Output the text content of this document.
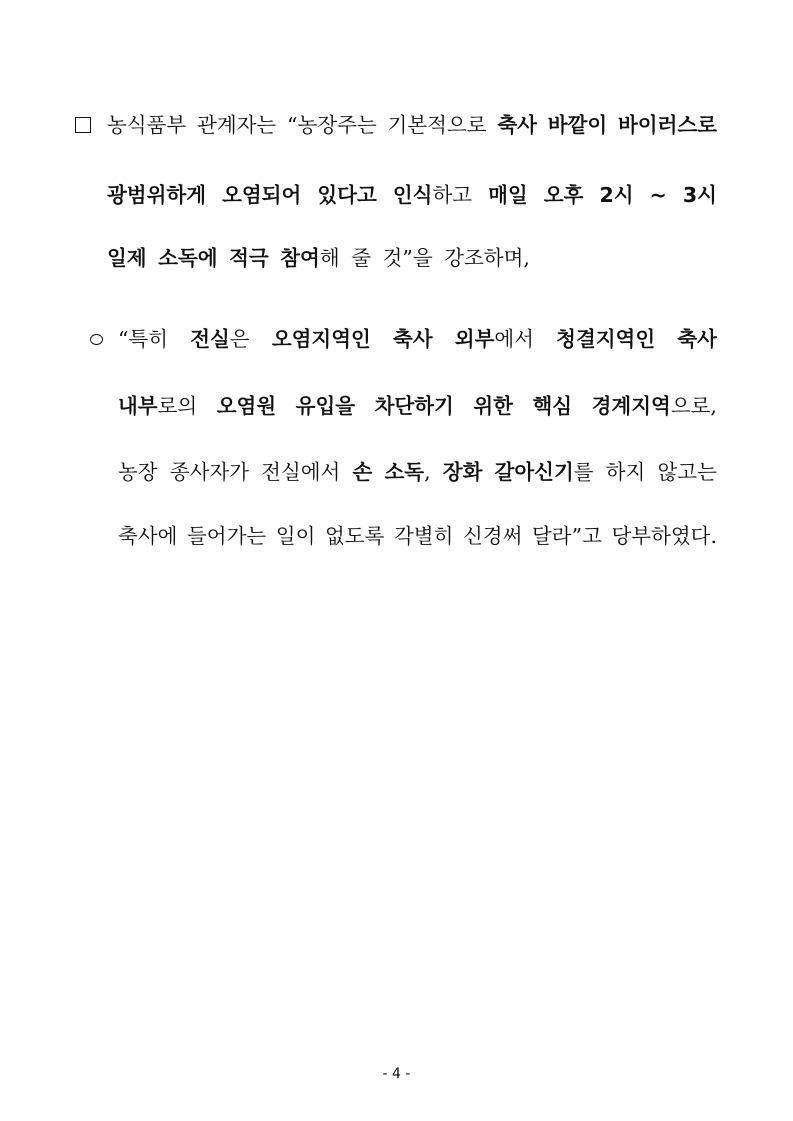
농식품부 관계자는 “농장주는 기본적으로 축사 바깥이 바이러스로
광범위하게 오염되어 있다고 인식하고 매일 오후 2시 ~ 3시
일제 소독에 적극 참여해 줄 것”을 강조하며,
“특히 전실은 오염지역인 축사 외부에서 청결지역인 축사
내부로의 오염원 유입을 차단하기 위한 핵심 경계지역으로,
농장 종사자가 전실에서 손 소독, 장화 갈아신기를 하지 않고는
축사에 들어가는 일이 없도록 각별히 신경써 달라”고 당부하였다.
- 4 -
